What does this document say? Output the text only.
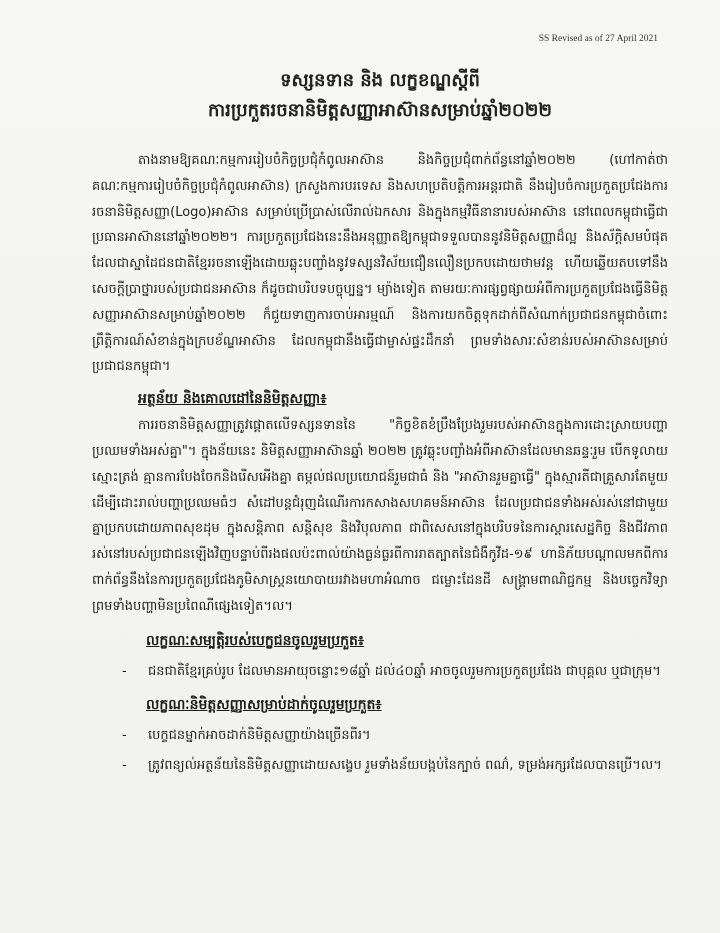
SS Revised as of 27 April 2021
ទស្សនទាន និង លក្ខខណ្ឌស្តីពី
ការប្រកួតរចនានិមិត្តសញ្ញាអាស៊ានសម្រាប់ឆ្នាំ២០២២

តាងនាមឱ្យគណៈកម្មការរៀបចំកិច្ចប្រជុំកំពូលអាស៊ាន និងកិច្ចប្រជុំពាក់ព័ន្ធនៅឆ្នាំ២០២២ (ហៅកាត់ថាគណៈកម្មការរៀបចំកិច្ចប្រជុំកំពូលអាស៊ាន) ក្រសួងការបរទេស និងសហប្រតិបត្តិការអន្តរជាតិ នឹងរៀបចំការប្រកួតប្រជែងការរចនានិមិត្តសញ្ញា(Logo)អាស៊ាន សម្រាប់ប្រើប្រាស់លើរាល់ឯកសារ និងក្នុងកម្មវិធីនានារបស់អាស៊ាន នៅពេលកម្ពុជាធ្វើជាប្រធានអាស៊ាននៅឆ្នាំ២០២២។ ការប្រកួតប្រជែងនេះនឹងអនុញ្ញាតឱ្យកម្ពុជាទទួលបាននូវនិមិត្តសញ្ញាដ៏ល្អ និងស័ក្តិសមបំផុត ដែលជាស្នាដៃជនជាតិខ្មែររចនាឡើងដោយឆ្លុះបញ្ចាំងនូវទស្សនវិស័យជឿនលឿនប្រកបដោយថាមវន្ត ហើយឆ្លើយតបទៅនឹងសេចក្តីប្រាថ្នារបស់ប្រជាជនអាស៊ាន ក៏ដូចជាបរិបទបច្ចុប្បន្ន។ ម្យ៉ាងទៀត តាមរយៈការផ្សព្វផ្សាយអំពីការប្រកួតប្រជែងធ្វើនិមិត្តសញ្ញាអាស៊ានសម្រាប់ឆ្នាំ២០២២ ក៏ជួយទាញការចាប់អារម្មណ៍ និងការយកចិត្តទុកដាក់ពីសំណាក់ប្រជាជនកម្ពុជាចំពោះព្រឹត្តិការណ៍សំខាន់ក្នុងក្របខ័ណ្ឌអាស៊ាន ដែលកម្ពុជានឹងធ្វើជាម្ចាស់ផ្ទះដឹកនាំ ព្រមទាំងសារៈសំខាន់របស់អាស៊ានសម្រាប់ប្រជាជនកម្ពុជា។

អត្ថន័យ និងគោលដៅនៃនិមិត្តសញ្ញា៖

ការរចនានិមិត្តសញ្ញាត្រូវផ្តោតលើទស្សនទាននៃ "កិច្ចខិតខំប្រឹងប្រែងរួមរបស់អាស៊ានក្នុងការដោះស្រាយបញ្ហាប្រឈមទាំងអស់គ្នា"។ ក្នុងន័យនេះ និមិត្តសញ្ញាអាស៊ានឆ្នាំ ២០២២ ត្រូវឆ្លុះបញ្ចាំងអំពីអាស៊ានដែលមានឆន្ទៈរួម បើកទូលាយ ស្មោះត្រង់ គ្មានការបែងចែកនិងរើសអើងគ្នា តម្កល់ផលប្រយោជន៍រួមជាធំ និង "អាស៊ានរួមគ្នាធ្វើ" ក្នុងស្មារតីជាគ្រួសារតែមួយ ដើម្បីដោះរាល់បញ្ហាប្រឈមធំៗ សំដៅបន្តជំរុញដំណើរការកសាងសហគមន៍អាស៊ាន ដែលប្រជាជនទាំងអស់រស់នៅជាមួយគ្នាប្រកបដោយភាពសុខដុម ក្នុងសន្តិភាព សន្តិសុខ និងវិបុលភាព ជាពិសេសនៅក្នុងបរិបទនៃការស្តារសេដ្ឋកិច្ច និងជីវភាពរស់នៅរបស់ប្រជាជនឡើងវិញបន្ទាប់ពីរងផលប៉ះពាល់យ៉ាងធ្ងន់ធ្ងរពីការរាតត្បាតនៃជំងឺកូវីដ-១៩ ហានិភ័យបណ្តាលមកពីការពាក់ព័ន្ធនឹងនៃការប្រកួតប្រជែងភូមិសាស្ត្រនយោបាយរវាងមហាអំណាច ជម្លោះដែនដី សង្គ្រាមពាណិជ្ជកម្ម និងបច្ចេកវិទ្យា ព្រមទាំងបញ្ហាមិនប្រពៃណីផ្សេងទៀត។ល។

លក្ខណៈសម្បត្តិរបស់បេក្ខជនចូលរួមប្រកួត៖
- ជនជាតិខ្មែរគ្រប់រូប ដែលមានអាយុចន្លោះ១៨ឆ្នាំ ដល់៤០ឆ្នាំ អាចចូលរួមការប្រកួតប្រជែង ជាបុគ្គល ឬជាក្រុម។
លក្ខណៈនិមិត្តសញ្ញាសម្រាប់ដាក់ចូលរួមប្រកួត៖
- បេក្ខជនម្នាក់អាចដាក់និមិត្តសញ្ញាយ៉ាងច្រើនពីរ។
- ត្រូវពន្យល់អត្ថន័យនៃនិមិត្តសញ្ញាដោយសង្ខេប រួមទាំងន័យបង្កប់នៃក្បាច់ ពណ៌, ទម្រង់អក្សរដែលបានប្រើ។ល។
